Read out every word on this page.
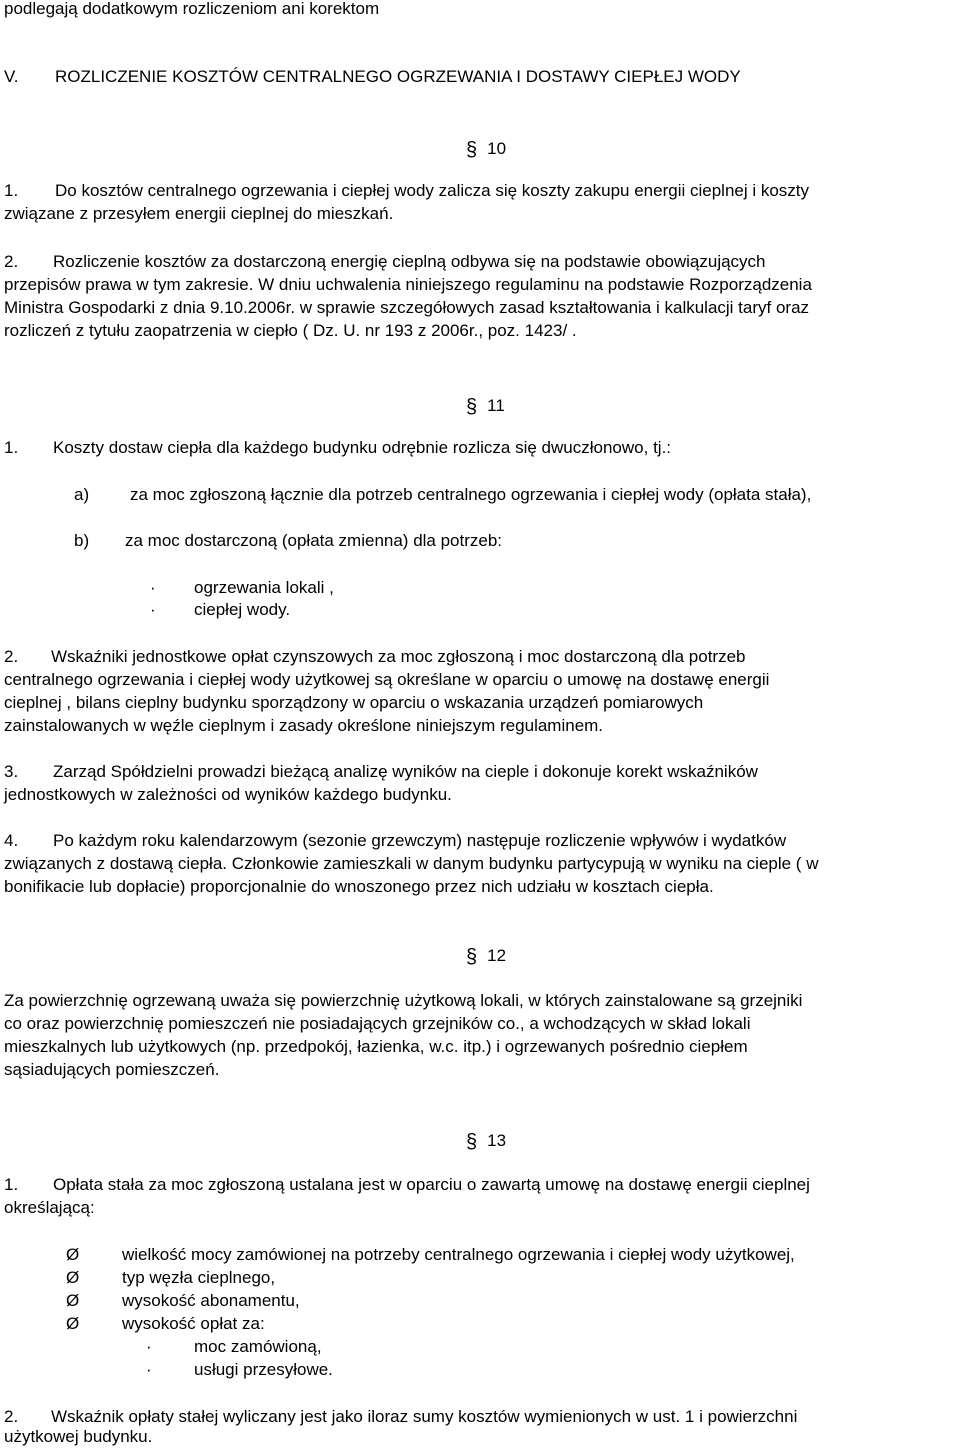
podlegają dodatkowym rozliczeniom ani korektom
V. ROZLICZENIE KOSZTÓW CENTRALNEGO OGRZEWANIA I DOSTAWY CIEPŁEJ WODY
§ 10
1. Do kosztów centralnego ogrzewania i ciepłej wody zalicza się koszty zakupu energii cieplnej i koszty
związane z przesyłem energii cieplnej do mieszkań.
2. Rozliczenie kosztów za dostarczoną energię cieplną odbywa się na podstawie obowiązujących
przepisów prawa w tym zakresie. W dniu uchwalenia niniejszego regulaminu na podstawie Rozporządzenia
Ministra Gospodarki z dnia 9.10.2006r. w sprawie szczegółowych zasad kształtowania i kalkulacji taryf oraz
rozliczeń z tytułu zaopatrzenia w ciepło ( Dz. U. nr 193 z 2006r., poz. 1423/ .
§ 11
1. Koszty dostaw ciepła dla każdego budynku odrębnie rozlicza się dwuczłonowo, tj.:
a) za moc zgłoszoną łącznie dla potrzeb centralnego ogrzewania i ciepłej wody (opłata stała),
b) za moc dostarczoną (opłata zmienna) dla potrzeb:
· ogrzewania lokali ,
· ciepłej wody.
2. Wskaźniki jednostkowe opłat czynszowych za moc zgłoszoną i moc dostarczoną dla potrzeb
centralnego ogrzewania i ciepłej wody użytkowej są określane w oparciu o umowę na dostawę energii
cieplnej , bilans cieplny budynku sporządzony w oparciu o wskazania urządzeń pomiarowych
zainstalowanych w węźle cieplnym i zasady określone niniejszym regulaminem.
3. Zarząd Spółdzielni prowadzi bieżącą analizę wyników na cieple i dokonuje korekt wskaźników
jednostkowych w zależności od wyników każdego budynku.
4. Po każdym roku kalendarzowym (sezonie grzewczym) następuje rozliczenie wpływów i wydatków
związanych z dostawą ciepła. Członkowie zamieszkali w danym budynku partycypują w wyniku na cieple ( w
bonifikacie lub dopłacie) proporcjonalnie do wnoszonego przez nich udziału w kosztach ciepła.
§ 12
Za powierzchnię ogrzewaną uważa się powierzchnię użytkową lokali, w których zainstalowane są grzejniki
co oraz powierzchnię pomieszczeń nie posiadających grzejników co., a wchodzących w skład lokali
mieszkalnych lub użytkowych (np. przedpokój, łazienka, w.c. itp.) i ogrzewanych pośrednio ciepłem
sąsiadujących pomieszczeń.
§ 13
1. Opłata stała za moc zgłoszoną ustalana jest w oparciu o zawartą umowę na dostawę energii cieplnej
określającą:
Ø	wielkość mocy zamówionej na potrzeby centralnego ogrzewania i ciepłej wody użytkowej,
Ø	typ węzła cieplnego,
Ø	wysokość abonamentu,
Ø	wysokość opłat za:
· moc zamówioną,
· usługi przesyłowe.
2. Wskaźnik opłaty stałej wyliczany jest jako iloraz sumy kosztów wymienionych w ust. 1 i powierzchni
użytkowej budynku.
